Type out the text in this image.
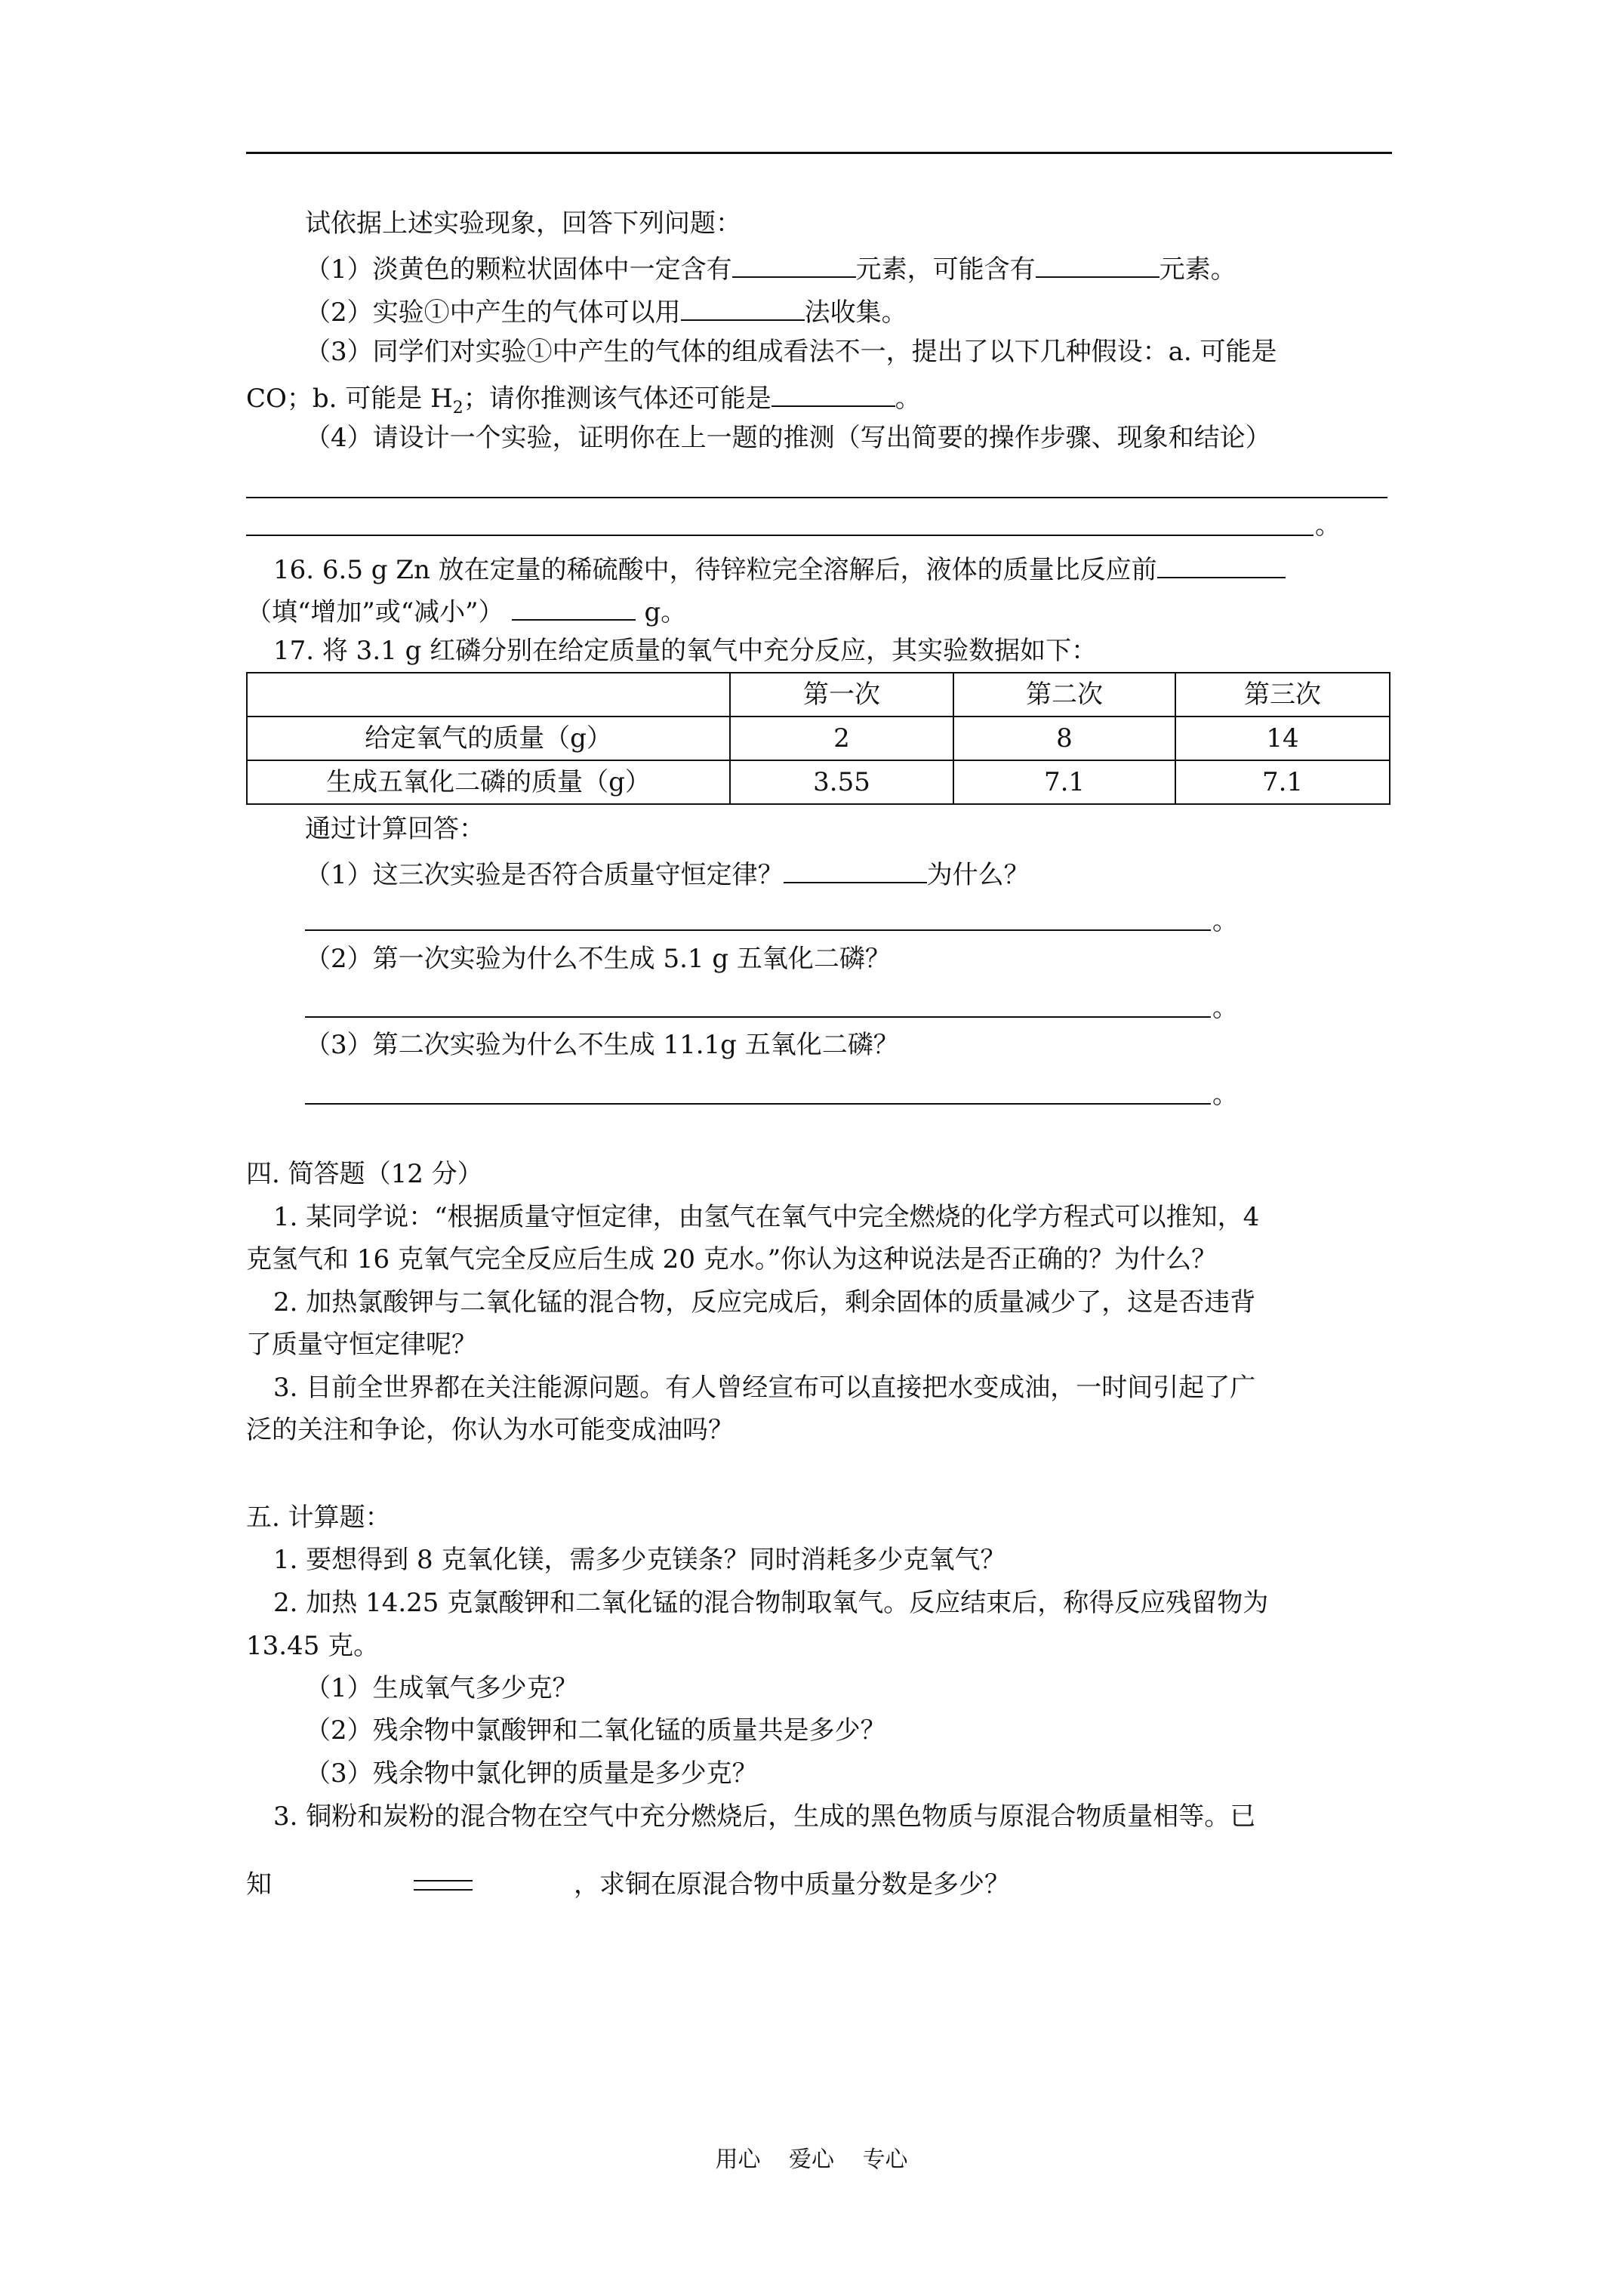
试依据上述实验现象，回答下列问题：
（1）淡黄色的颗粒状固体中一定含有	元素，可能含有	元素。
（2）实验①中产生的气体可以用	法收集。
（3）同学们对实验①中产生的气体的组成看法不一，提出了以下几种假设：a. 可能是
CO；b. 可能是 $H_2$；请你推测该气体还可能是	。
（4）请设计一个实验，证明你在上一题的推测（写出简要的操作步骤、现象和结论）
。
16. 6.5 g Zn 放在定量的稀硫酸中，待锌粒完全溶解后，液体的质量比反应前
（填“增加”或“减小”）	g。
17. 将 3.1 g 红磷分别在给定质量的氧气中充分反应，其实验数据如下：
	第一次	第二次	第三次
给定氧气的质量（g）	2	8	14
生成五氧化二磷的质量（g）	3.55	7.1	7.1
通过计算回答：
（1）这三次实验是否符合质量守恒定律？	为什么？
。
（2）第一次实验为什么不生成 5.1 g 五氧化二磷？
。
（3）第二次实验为什么不生成 11.1g 五氧化二磷？
。
四. 简答题（12 分）
1. 某同学说：“根据质量守恒定律，由氢气在氧气中完全燃烧的化学方程式可以推知，4
克氢气和 16 克氧气完全反应后生成 20 克水。”你认为这种说法是否正确的？为什么？
2. 加热氯酸钾与二氧化锰的混合物，反应完成后，剩余固体的质量减少了，这是否违背
了质量守恒定律呢？
3. 目前全世界都在关注能源问题。有人曾经宣布可以直接把水变成油，一时间引起了广
泛的关注和争论，你认为水可能变成油吗？
五. 计算题：
1. 要想得到 8 克氧化镁，需多少克镁条？同时消耗多少克氧气？
2. 加热 14.25 克氯酸钾和二氧化锰的混合物制取氧气。反应结束后，称得反应残留物为
13.45 克。
（1）生成氧气多少克？
（2）残余物中氯酸钾和二氧化锰的质量共是多少？
（3）残余物中氯化钾的质量是多少克？
3. 铜粉和炭粉的混合物在空气中充分燃烧后，生成的黑色物质与原混合物质量相等。已
知	，求铜在原混合物中质量分数是多少？
用心 爱心 专心
